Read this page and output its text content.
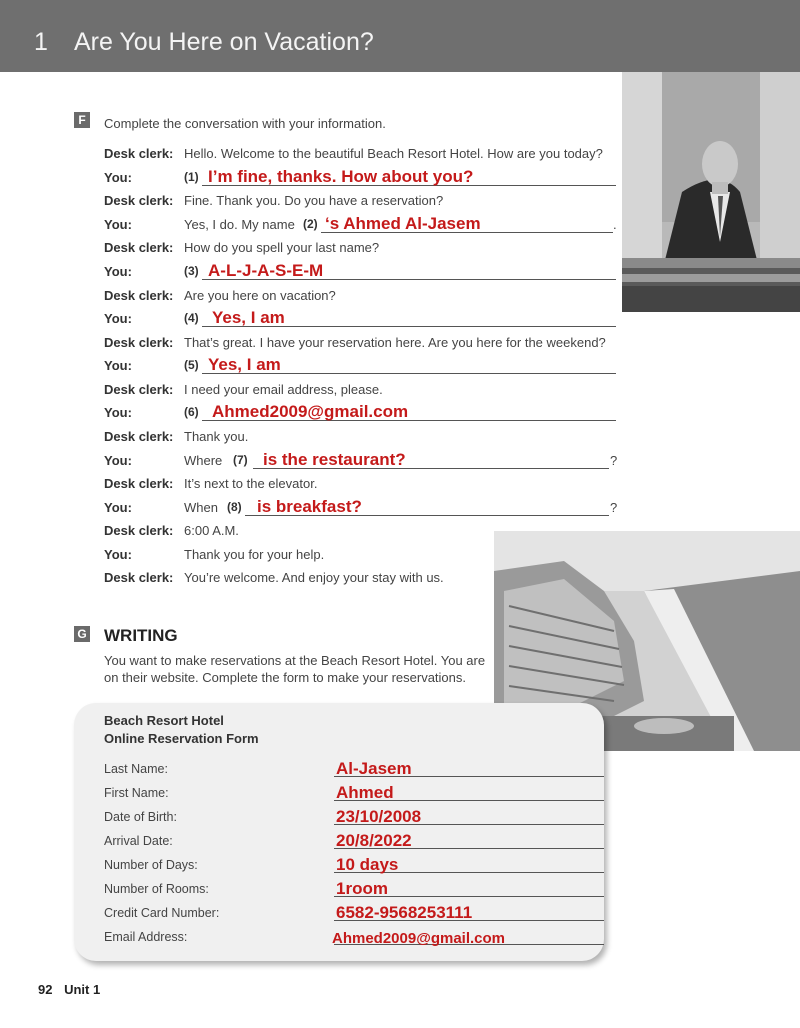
1 Are You Here on Vacation?
F	Complete the conversation with your information.
Desk clerk: Hello. Welcome to the beautiful Beach Resort Hotel. How are you today?
You:	(1) I’m fine, thanks. How about you?
Desk clerk: Fine. Thank you. Do you have a reservation?
You:	Yes, I do. My name (2) ‘s Ahmed Al-Jasem	.
Desk clerk: How do you spell your last name?
You:	(3) A-L-J-A-S-E-M
Desk clerk: Are you here on vacation?
You:	(4) Yes, I am
Desk clerk: That’s great. I have your reservation here. Are you here for the weekend?
You:	(5) Yes, I am
Desk clerk: I need your email address, please.
You:	(6) Ahmed2009@gmail.com
Desk clerk: Thank you.
You:	Where (7) is the restaurant?	?
Desk clerk: It’s next to the elevator.
You:	When (8) is breakfast?	?
Desk clerk: 6:00 A.M.
You:	Thank you for your help.
Desk clerk: You’re welcome. And enjoy your stay with us.
G WRITING
You want to make reservations at the Beach Resort Hotel. You are on their website. Complete the form to make your reservations.
Beach Resort Hotel
Online Reservation Form
Last Name:	Al-Jasem
First Name:	Ahmed
Date of Birth:	23/10/2008
Arrival Date:	20/8/2022
Number of Days:	10 days
Number of Rooms:	1room
Credit Card Number:	6582-9568253111
Email Address:	Ahmed2009@gmail.com
92 Unit 1
